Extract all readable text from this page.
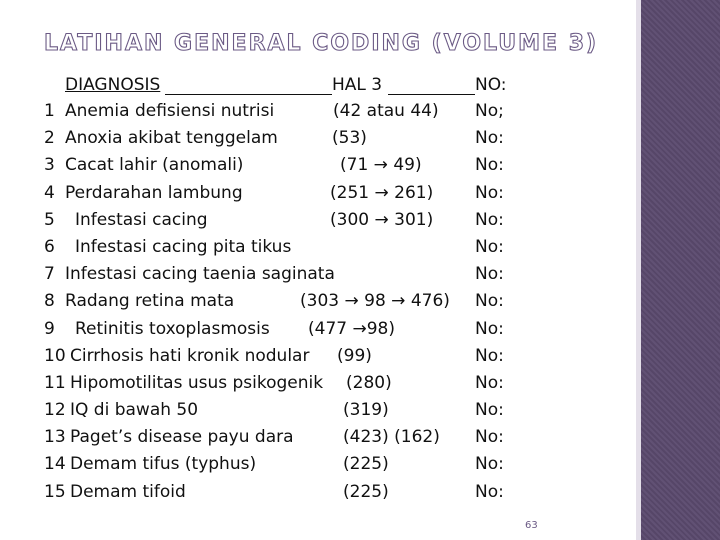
LATIHAN GENERAL CODING (VOLUME 3)
DIAGNOSIS	HAL 3	NO:
1 Anemia defisiensi nutrisi	(42 atau 44) No;
2 Anoxia akibat tenggelam	(53)	No:
3 Cacat lahir (anomali)	(71 → 49)	No:
4 Perdarahan lambung	(251 → 261) No:
5 Infestasi cacing	(300 → 301) No:
6 Infestasi cacing pita tikus	No:
7 Infestasi cacing taenia saginata	No:
8 Radang retina mata	(303 → 98 → 476) No:
9 Retinitis toxoplasmosis (477 →98)	No:
10 Cirrhosis hati kronik nodular (99)	No:
11 Hipomotilitas usus psikogenik (280)	No:
12 IQ di bawah 50	(319)	No:
13 Paget’s disease payu dara	(423) (162) No:
14 Demam tifus (typhus)	(225)	No:
15 Demam tifoid	(225)	No:
63
